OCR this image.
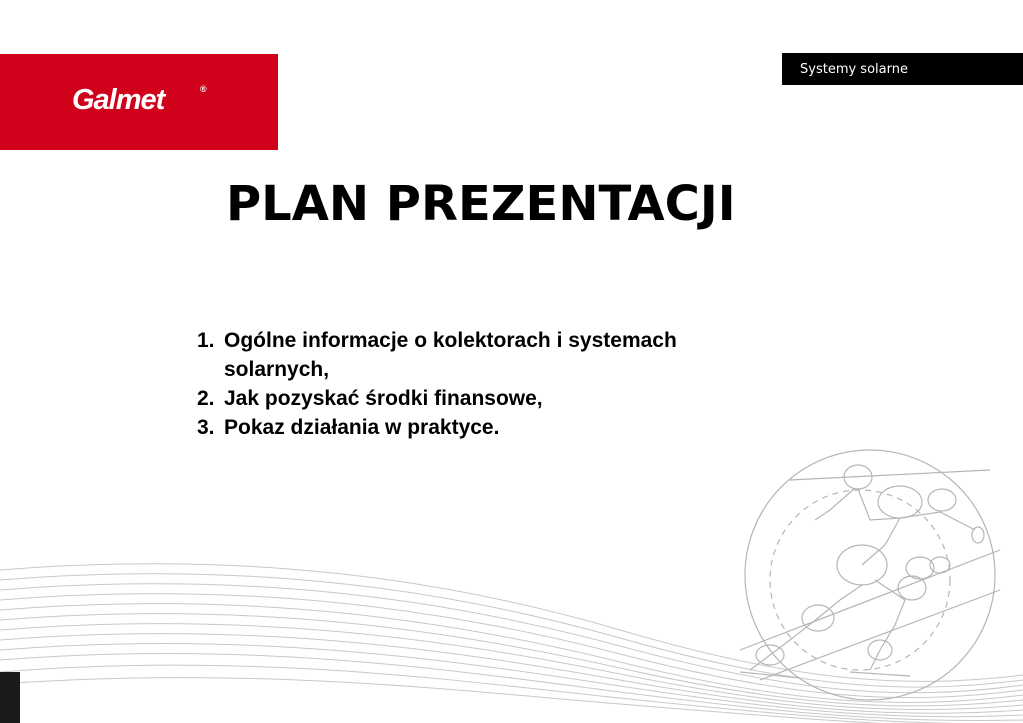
Galmet	®
Systemy solarne
PLAN PREZENTACJI
1. Ogólne informacje o kolektorach i systemach solarnych,
2. Jak pozyskać środki finansowe,
3. Pokaz działania w praktyce.
